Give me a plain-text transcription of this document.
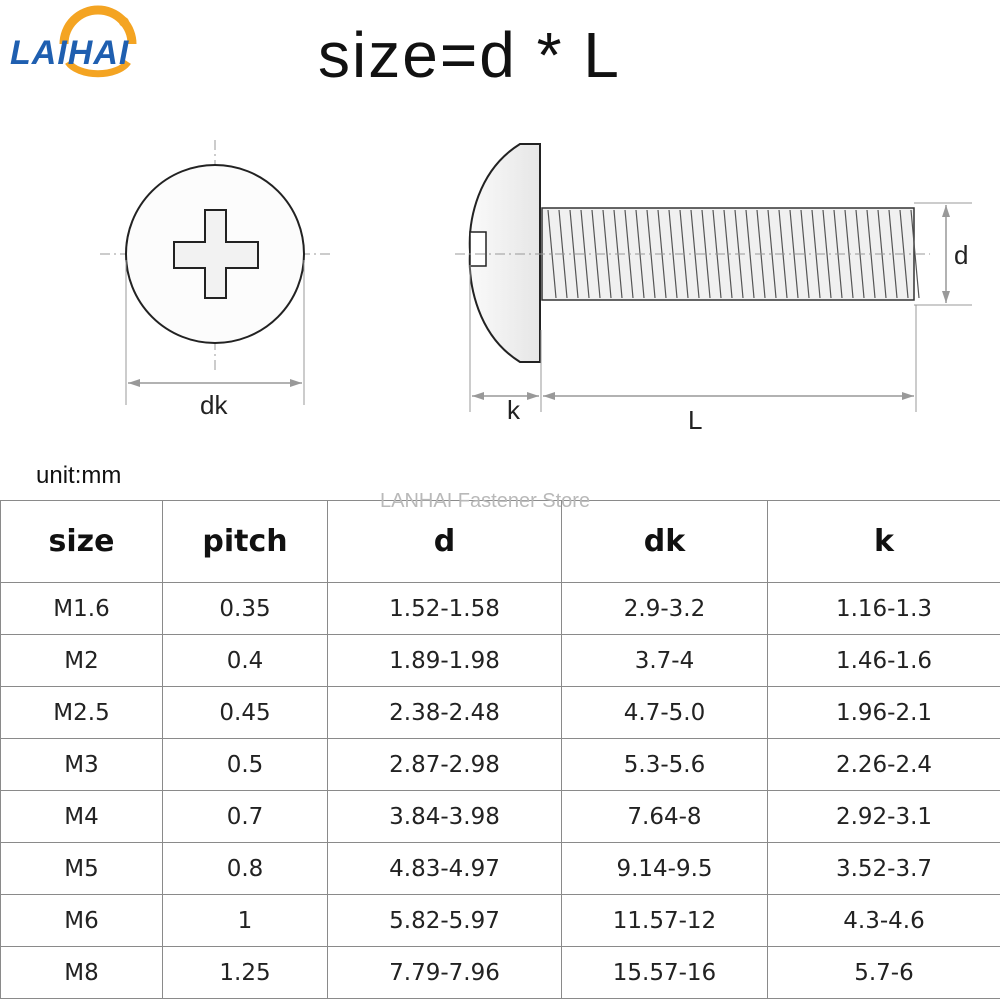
LAIHAI	size=d * L
dk	k	L
d
unit:mm
size	pitch	d	dk	k
M1.6	0.35	1.52-1.58	2.9-3.2	1.16-1.3
M2	0.4	1.89-1.98	3.7-4	1.46-1.6
M2.5	0.45	2.38-2.48	4.7-5.0	1.96-2.1
M3	0.5	2.87-2.98	5.3-5.6	2.26-2.4
M4	0.7	3.84-3.98	7.64-8	2.92-3.1
M5	0.8	4.83-4.97	9.14-9.5	3.52-3.7
M6	1	5.82-5.97	11.57-12	4.3-4.6
M8	1.25	7.79-7.96	15.57-16	5.7-6
LANHAI Fastener Store
